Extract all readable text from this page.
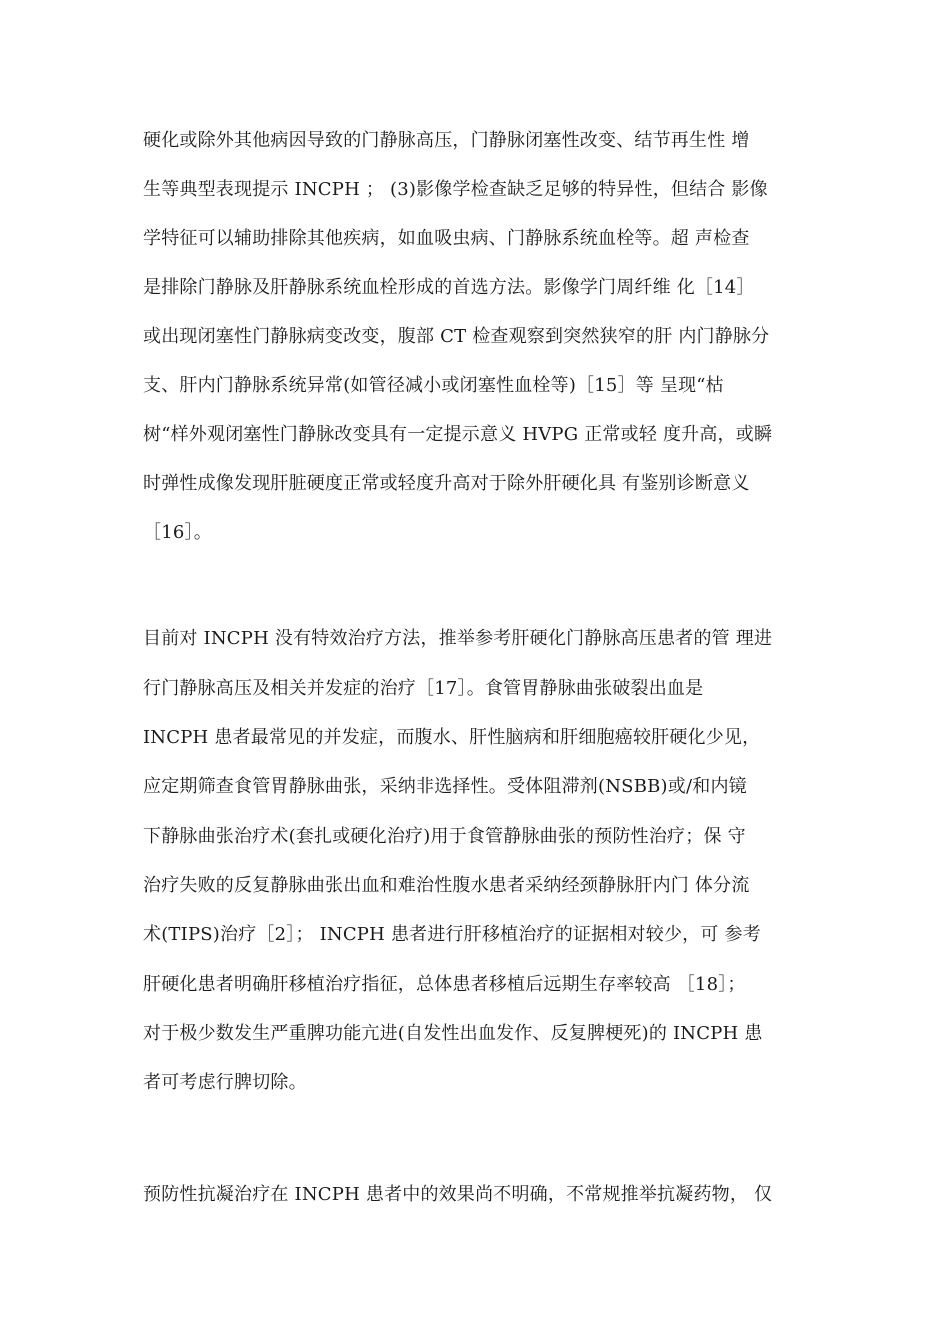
硬化或除外其他病因导致的门静脉高压，门静脉闭塞性改变、结节再生性 增

生等典型表现提示 INCPH ； (3)影像学检查缺乏足够的特异性，但结合 影像

学特征可以辅助排除其他疾病，如血吸虫病、门静脉系统血栓等。超 声检查

是排除门静脉及肝静脉系统血栓形成的首选方法。影像学门周纤维 化［14］

或出现闭塞性门静脉病变改变，腹部 CT 检查观察到突然狭窄的肝 内门静脉分

支、肝内门静脉系统异常(如管径减小或闭塞性血栓等)［15］等 呈现“枯

树“样外观闭塞性门静脉改变具有一定提示意义 HVPG 正常或轻 度升高，或瞬

时弹性成像发现肝脏硬度正常或轻度升高对于除外肝硬化具 有鉴别诊断意义

［16］。

目前对 INCPH 没有特效治疗方法，推举参考肝硬化门静脉高压患者的管 理进

行门静脉高压及相关并发症的治疗［17］。食管胃静脉曲张破裂出血是

INCPH 患者最常见的并发症，而腹水、肝性脑病和肝细胞癌较肝硬化少见，

应定期筛查食管胃静脉曲张，采纳非选择性。受体阻滞剂(NSBB)或/和内镜

下静脉曲张治疗术(套扎或硬化治疗)用于食管静脉曲张的预防性治疗；保 守

治疗失败的反复静脉曲张出血和难治性腹水患者采纳经颈静脉肝内门 体分流

术(TIPS)治疗［2］； INCPH 患者进行肝移植治疗的证据相对较少，可 参考

肝硬化患者明确肝移植治疗指征，总体患者移植后远期生存率较高 ［18］；

对于极少数发生严重脾功能亢进(自发性出血发作、反复脾梗死)的 INCPH 患

者可考虑行脾切除。

预防性抗凝治疗在 INCPH 患者中的效果尚不明确，不常规推举抗凝药物， 仅
